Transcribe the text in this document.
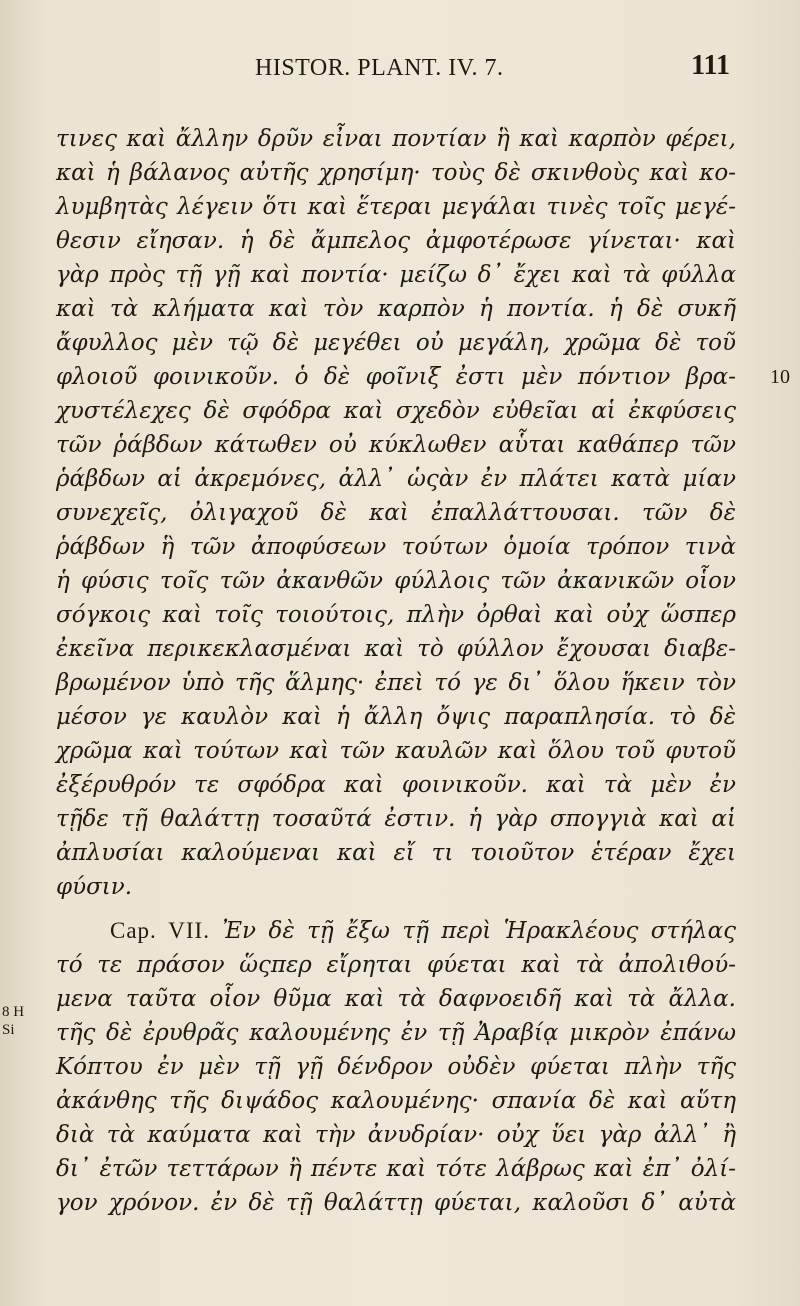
HISTOR. PLANT. IV. 7.	111
τινες καὶ ἄλλην δρῦν εἶναι ποντίαν ἣ καὶ καρπὸν φέρει,
καὶ ἡ βάλανος αὐτῆς χρησίμη· τοὺς δὲ σκινθοὺς καὶ κο-
λυμβητὰς λέγειν ὅτι καὶ ἕτεραι μεγάλαι τινὲς τοῖς μεγέ-
θεσιν εἴησαν. ἡ δὲ ἄμπελος ἀμφοτέρωσε γίνεται· καὶ
γὰρ πρὸς τῇ γῇ καὶ ποντία· μείζω δ᾽ ἔχει καὶ τὰ φύλλα
καὶ τὰ κλήματα καὶ τὸν καρπὸν ἡ ποντία. ἡ δὲ συκῆ
ἄφυλλος μὲν τῷ δὲ μεγέθει οὐ μεγάλη, χρῶμα δὲ τοῦ
φλοιοῦ φοινικοῦν. ὁ δὲ φοῖνιξ ἐστι μὲν πόντιον βρα- 10
χυστέλεχες δὲ σφόδρα καὶ σχεδὸν εὐθεῖαι αἱ ἐκφύσεις
τῶν ῥάβδων κάτωθεν οὐ κύκλωθεν αὗται καθάπερ τῶν
ῥάβδων αἱ ἀκρεμόνες, ἀλλ᾽ ὡςὰν ἐν πλάτει κατὰ μίαν
συνεχεῖς, ὀλιγαχοῦ δὲ καὶ ἐπαλλάττουσαι. τῶν δὲ
ῥάβδων ἣ τῶν ἀποφύσεων τούτων ὁμοία τρόπον τινὰ
ἡ φύσις τοῖς τῶν ἀκανθῶν φύλλοις τῶν ἀκανικῶν οἷον
σόγκοις καὶ τοῖς τοιούτοις, πλὴν ὀρθαὶ καὶ οὐχ ὥσπερ
ἐκεῖνα περικεκλασμέναι καὶ τὸ φύλλον ἔχουσαι διαβε-
βρωμένον ὑπὸ τῆς ἅλμης· ἐπεὶ τό γε δι᾽ ὅλου ἥκειν τὸν
μέσον γε καυλὸν καὶ ἡ ἄλλη ὄψις παραπλησία. τὸ δὲ
χρῶμα καὶ τούτων καὶ τῶν καυλῶν καὶ ὅλου τοῦ φυτοῦ
ἐξέρυθρόν τε σφόδρα καὶ φοινικοῦν. καὶ τὰ μὲν ἐν
τῇδε τῇ θαλάττῃ τοσαῦτά ἐστιν. ἡ γὰρ σπογγιὰ καὶ αἱ
ἀπλυσίαι καλούμεναι καὶ εἴ τι τοιοῦτον ἑτέραν ἔχει
φύσιν.
Cap. VII. Ἐν δὲ τῇ ἔξω τῇ περὶ Ἡρακλέους στήλας
τό τε πράσον ὥςπερ εἴρηται φύεται καὶ τὰ ἀπολιθού-
μενα ταῦτα οἷον θῦμα καὶ τὰ δαφνοειδῆ καὶ τὰ ἄλλα.
8 H
Si τῆς δὲ ἐρυθρᾶς καλουμένης ἐν τῇ Ἀραβίᾳ μικρὸν ἐπάνω
Κόπτου ἐν μὲν τῇ γῇ δένδρον οὐδὲν φύεται πλὴν τῆς
ἀκάνθης τῆς διψάδος καλουμένης· σπανία δὲ καὶ αὕτη
διὰ τὰ καύματα καὶ τὴν ἀνυδρίαν· οὐχ ὕει γὰρ ἀλλ᾽ ἢ
δι᾽ ἐτῶν τεττάρων ἢ πέντε καὶ τότε λάβρως καὶ ἐπ᾽ ὀλί-
γον χρόνον. ἐν δὲ τῇ θαλάττῃ φύεται, καλοῦσι δ᾽ αὐτὰ
